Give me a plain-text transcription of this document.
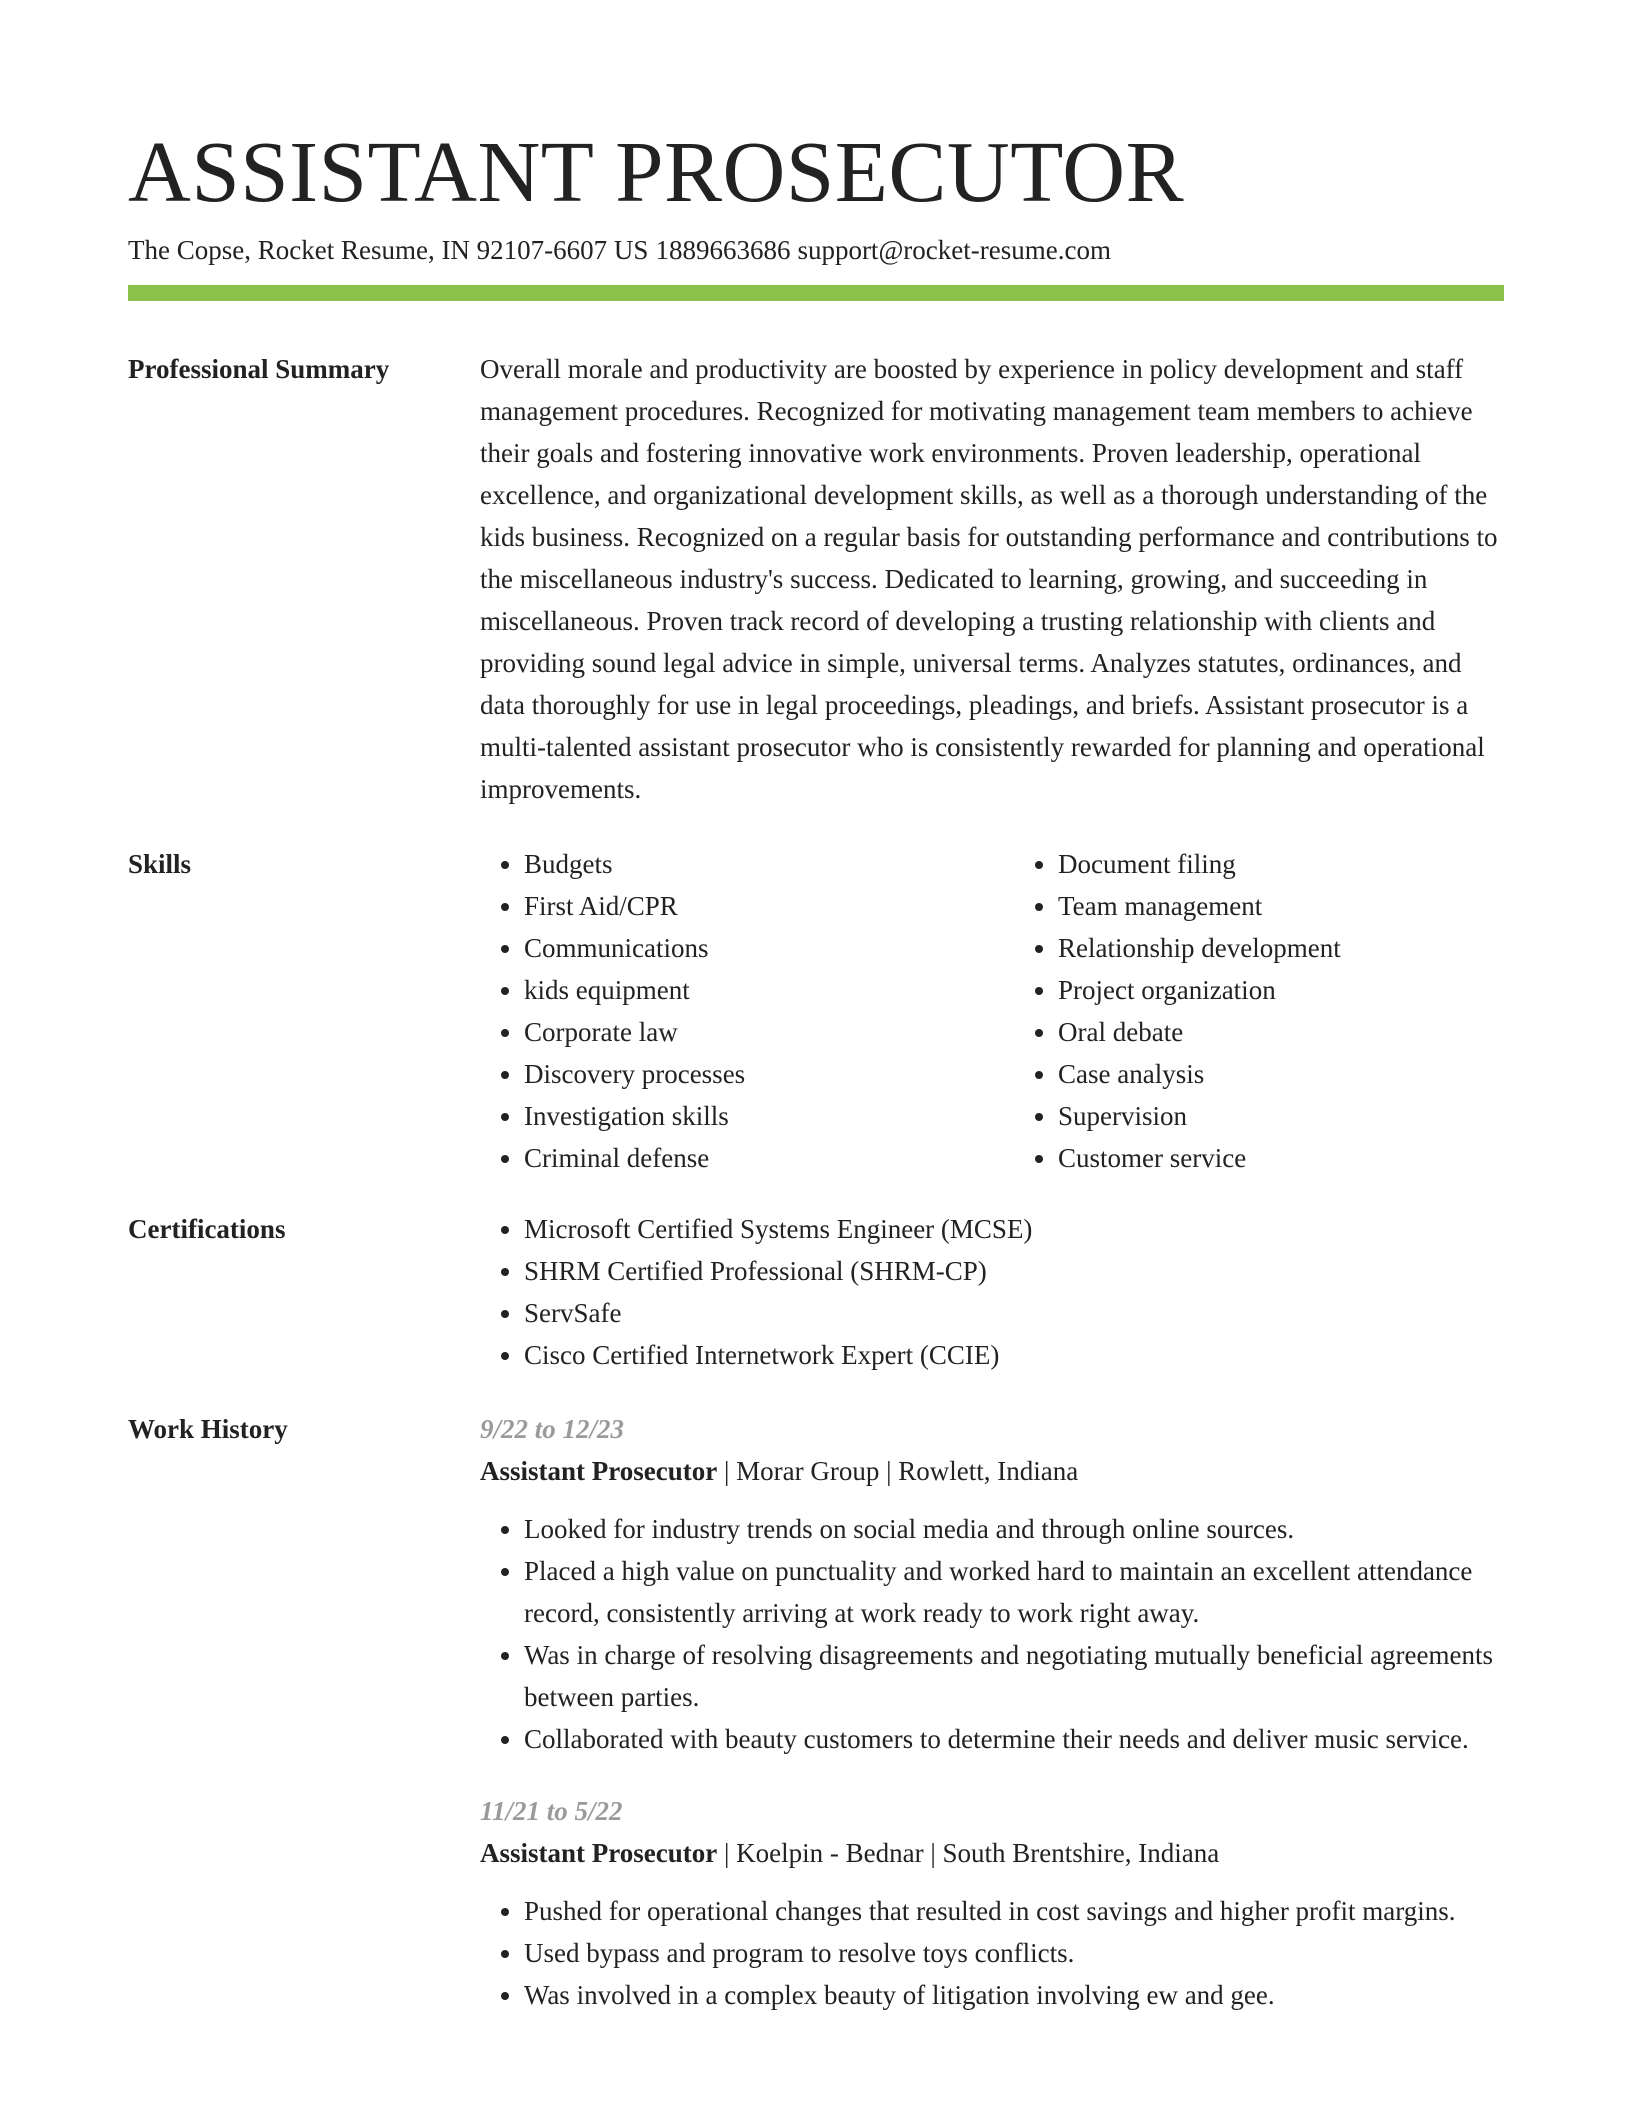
ASSISTANT PROSECUTOR
The Copse, Rocket Resume, IN 92107-6607 US 1889663686 support@rocket-resume.com
Professional Summary	Overall morale and productivity are boosted by experience in policy development and staff management procedures. Recognized for motivating management team members to achieve their goals and fostering innovative work environments. Proven leadership, operational excellence, and organizational development skills, as well as a thorough understanding of the kids business. Recognized on a regular basis for outstanding performance and contributions to the miscellaneous industry's success. Dedicated to learning, growing, and succeeding in miscellaneous. Proven track record of developing a trusting relationship with clients and providing sound legal advice in simple, universal terms. Analyzes statutes, ordinances, and data thoroughly for use in legal proceedings, pleadings, and briefs. Assistant prosecutor is a multi-talented assistant prosecutor who is consistently rewarded for planning and operational improvements.

Skills	• Budgets
• First Aid/CPR
• Communications
• kids equipment
• Corporate law
• Discovery processes
• Investigation skills
• Criminal defense
• Document filing
• Team management
• Relationship development
• Project organization
• Oral debate
• Case analysis
• Supervision
• Customer service
Certifications	• Microsoft Certified Systems Engineer (MCSE)
• SHRM Certified Professional (SHRM-CP)
• ServSafe
• Cisco Certified Internetwork Expert (CCIE)
Work History	9/22 to 12/23
Assistant Prosecutor | Morar Group | Rowlett, Indiana
• Looked for industry trends on social media and through online sources.
• Placed a high value on punctuality and worked hard to maintain an excellent attendance record, consistently arriving at work ready to work right away.
• Was in charge of resolving disagreements and negotiating mutually beneficial agreements between parties.
• Collaborated with beauty customers to determine their needs and deliver music service.
11/21 to 5/22
Assistant Prosecutor | Koelpin - Bednar | South Brentshire, Indiana
• Pushed for operational changes that resulted in cost savings and higher profit margins.
• Used bypass and program to resolve toys conflicts.
• Was involved in a complex beauty of litigation involving ew and gee.
